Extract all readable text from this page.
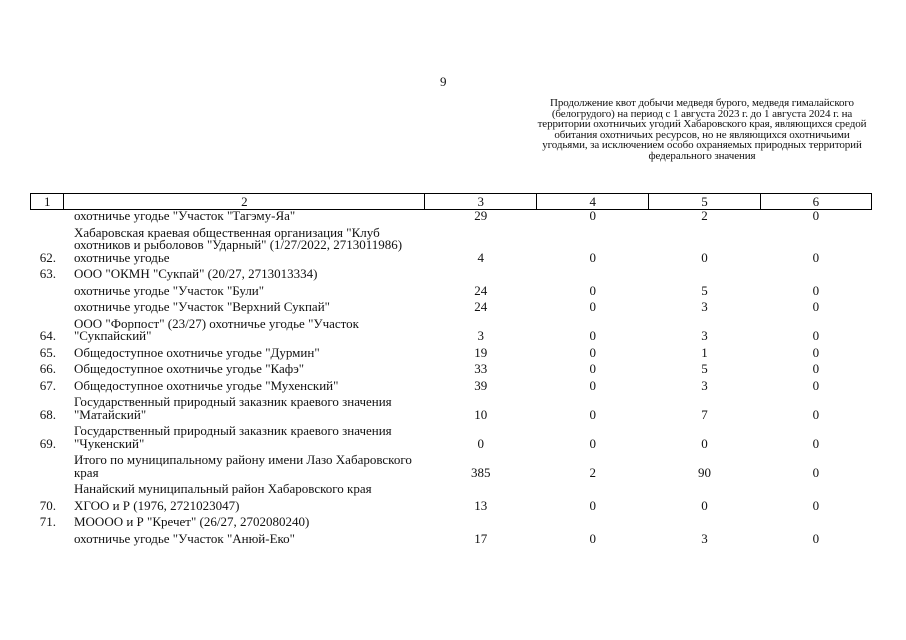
9
Продолжение квот добычи медведя бурого, медведя гималайского (белогрудого) на период с 1 августа 2023 г. до 1 августа 2024 г. на территории охотничьих угодий Хабаровского края, являющихся средой обитания охотничьих ресурсов, но не являющихся охотничьими угодьями, за исключением особо охраняемых природных территорий федерального значения
1	2	3	4	5	6
	охотничье угодье "Участок "Тагэму-Яа"	29	0	2	0

62.	Хабаровская краевая общественная организация "Клуб охотников и рыболовов "Ударный" (1/27/2022, 2713011986) охотничье угодье	4	0	0	0

63.	ООО "ОКМН "Сукпай" (20/27, 2713013334)				

	охотничье угодье "Участок "Були"	24	0	5	0

	охотничье угодье "Участок "Верхний Сукпай"	24	0	3	0

64.	ООО "Форпост" (23/27) охотничье угодье "Участок "Сукпайский"	3	0	3	0

65.	Общедоступное охотничье угодье "Дурмин"	19	0	1	0

66.	Общедоступное охотничье угодье "Кафэ"	33	0	5	0

67.	Общедоступное охотничье угодье "Мухенский"	39	0	3	0

68.	Государственный природный заказник краевого значения "Матайский"	10	0	7	0

69.	Государственный природный заказник краевого значения "Чукенский"	0	0	0	0

	Итого по муниципальному району имени Лазо Хабаровского края	385	2	90	0

	Нанайский муниципальный район Хабаровского края				

70.	ХГОО и Р (1976, 2721023047)	13	0	0	0

71.	МОООО и Р "Кречет" (26/27, 2702080240)				

	охотничье угодье "Участок "Анюй-Еко"	17	0	3	0
